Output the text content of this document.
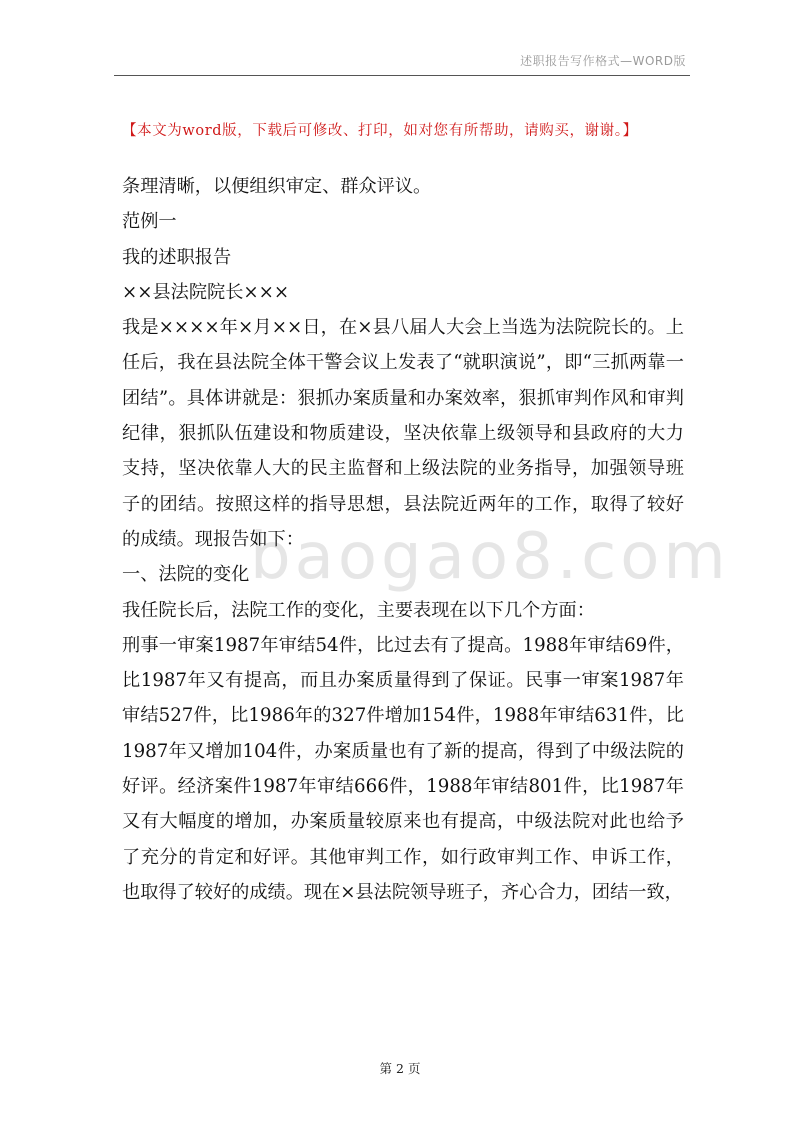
述职报告写作格式—WORD版
baogao8.com
【本文为word版，下载后可修改、打印，如对您有所帮助，请购买，谢谢。】

条理清晰，以便组织审定、群众评议。

范例一

我的述职报告

××县法院院长×××

我是××××年×月××日，在×县八届人大会上当选为法院院长的。上任后，我在县法院全体干警会议上发表了“就职演说”，即“三抓两靠一团结”。具体讲就是：狠抓办案质量和办案效率，狠抓审判作风和审判纪律，狠抓队伍建设和物质建设，坚决依靠上级领导和县政府的大力支持，坚决依靠人大的民主监督和上级法院的业务指导，加强领导班子的团结。按照这样的指导思想，县法院近两年的工作，取得了较好的成绩。现报告如下：

一、法院的变化

我任院长后，法院工作的变化，主要表现在以下几个方面：

刑事一审案1987年审结54件，比过去有了提高。1988年审结69件，比1987年又有提高，而且办案质量得到了保证。民事一审案1987年审结527件，比1986年的327件增加154件，1988年审结631件，比1987年又增加104件，办案质量也有了新的提高，得到了中级法院的好评。经济案件1987年审结666件，1988年审结801件，比1987年又有大幅度的增加，办案质量较原来也有提高，中级法院对此也给予了充分的肯定和好评。其他审判工作，如行政审判工作、申诉工作，也取得了较好的成绩。现在×县法院领导班子，齐心合力，团结一致，

第 2 页
